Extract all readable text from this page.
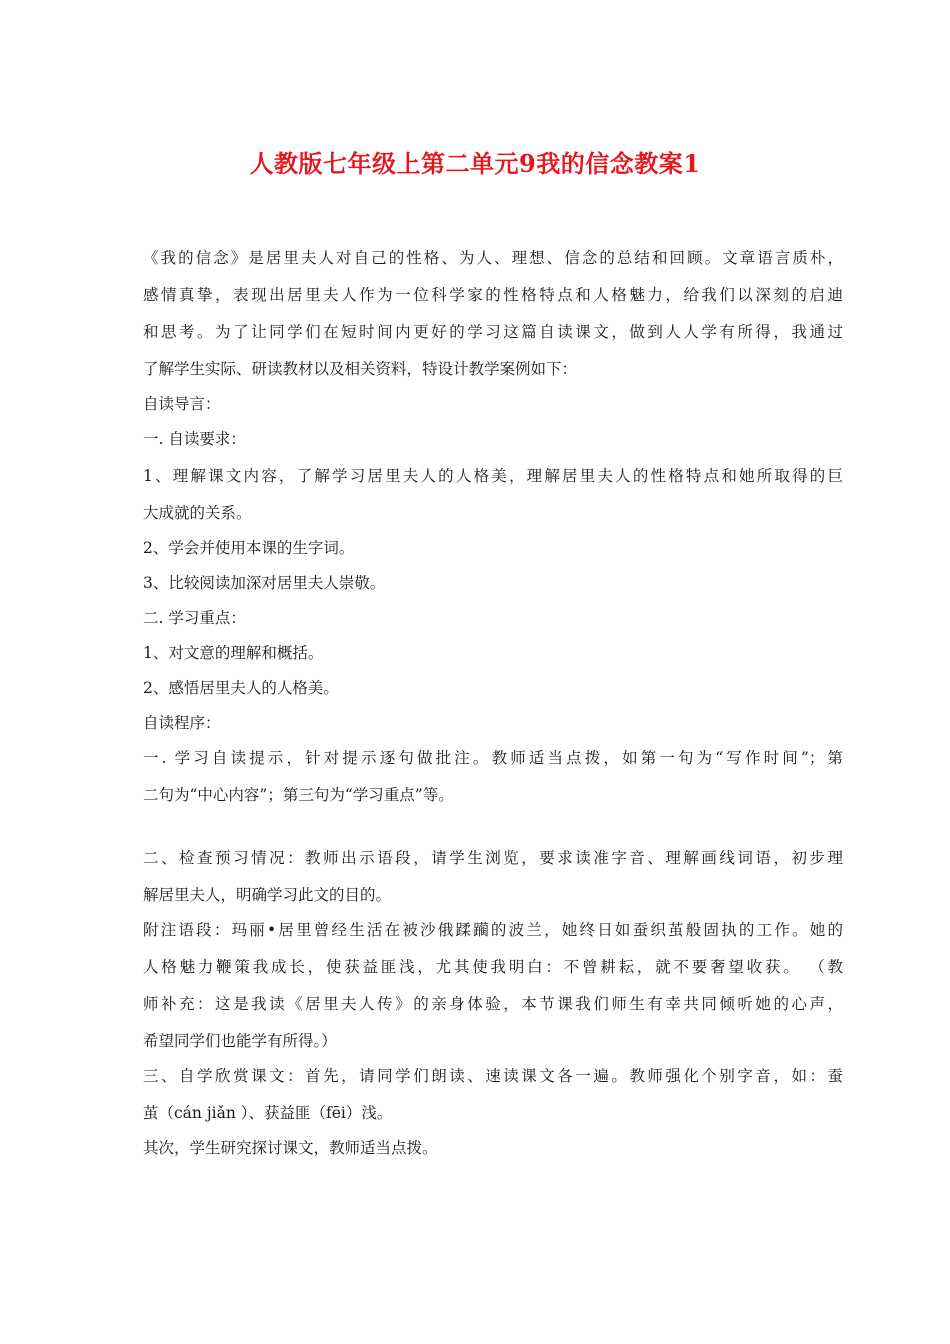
人教版七年级上第二单元9我的信念教案1
《我的信念》是居里夫人对自己的性格、为人、理想、信念的总结和回顾。文章语言质朴，
感情真挚，表现出居里夫人作为一位科学家的性格特点和人格魅力，给我们以深刻的启迪
和思考。为了让同学们在短时间内更好的学习这篇自读课文，做到人人学有所得，我通过
了解学生实际、研读教材以及相关资料，特设计教学案例如下：
自读导言：
一. 自读要求：
1、理解课文内容，了解学习居里夫人的人格美，理解居里夫人的性格特点和她所取得的巨
大成就的关系。
2、学会并使用本课的生字词。
3、比较阅读加深对居里夫人崇敬。
二. 学习重点：
1、对文意的理解和概括。
2、感悟居里夫人的人格美。
自读程序：
一. 学习自读提示，针对提示逐句做批注。教师适当点拨，如第一句为“写作时间”；第
二句为“中心内容”；第三句为“学习重点”等。
二、检查预习情况：教师出示语段，请学生浏览，要求读准字音、理解画线词语，初步理
解居里夫人，明确学习此文的目的。
附注语段：玛丽•居里曾经生活在被沙俄蹂躏的波兰，她终日如蚕织茧般固执的工作。她的
人格魅力鞭策我成长，使获益匪浅，尤其使我明白：不曾耕耘，就不要奢望收获。 （教
师补充：这是我读《居里夫人传》的亲身体验，本节课我们师生有幸共同倾听她的心声，
希望同学们也能学有所得。）
三、自学欣赏课文：首先，请同学们朗读、速读课文各一遍。教师强化个别字音，如：蚕
茧（cán jiǎn ）、获益匪（fēi）浅。
其次，学生研究探讨课文，教师适当点拨。
